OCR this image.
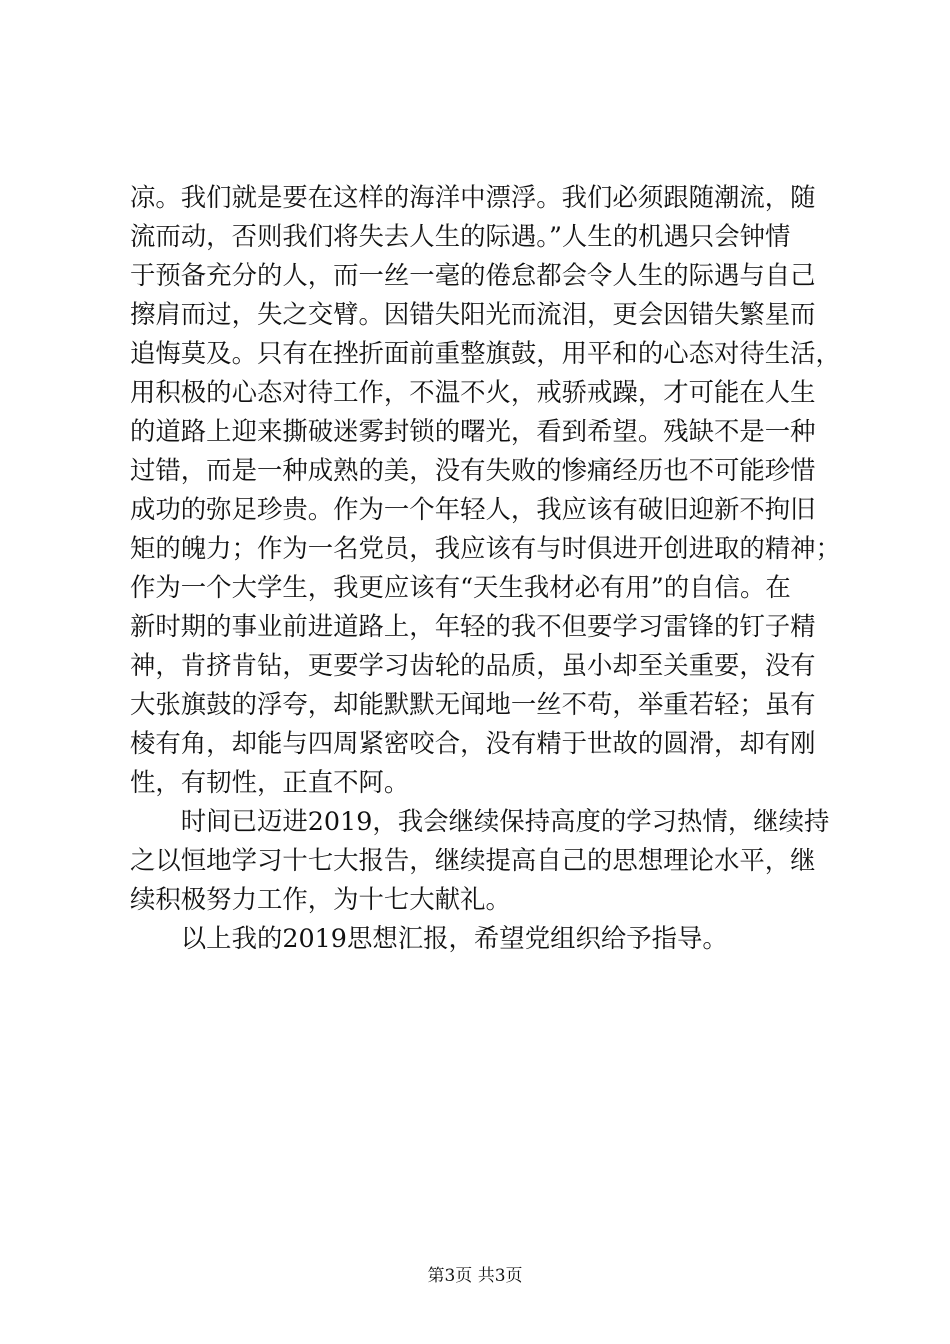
凉。我们就是要在这样的海洋中漂浮。我们必须跟随潮流，随
流而动，否则我们将失去人生的际遇。”人生的机遇只会钟情
于预备充分的人，而一丝一毫的倦怠都会令人生的际遇与自己
擦肩而过，失之交臂。因错失阳光而流泪，更会因错失繁星而
追悔莫及。只有在挫折面前重整旗鼓，用平和的心态对待生活，
用积极的心态对待工作，不温不火，戒骄戒躁，才可能在人生
的道路上迎来撕破迷雾封锁的曙光，看到希望。残缺不是一种
过错，而是一种成熟的美，没有失败的惨痛经历也不可能珍惜
成功的弥足珍贵。作为一个年轻人，我应该有破旧迎新不拘旧
矩的魄力；作为一名党员，我应该有与时俱进开创进取的精神；
作为一个大学生，我更应该有“天生我材必有用”的自信。在
新时期的事业前进道路上，年轻的我不但要学习雷锋的钉子精
神，肯挤肯钻，更要学习齿轮的品质，虽小却至关重要，没有
大张旗鼓的浮夸，却能默默无闻地一丝不苟，举重若轻；虽有
棱有角，却能与四周紧密咬合，没有精于世故的圆滑，却有刚
性，有韧性，正直不阿。
　　时间已迈进2019，我会继续保持高度的学习热情，继续持
之以恒地学习十七大报告，继续提高自己的思想理论水平，继
续积极努力工作，为十七大献礼。
　　以上我的2019思想汇报，希望党组织给予指导。
第3页 共3页
